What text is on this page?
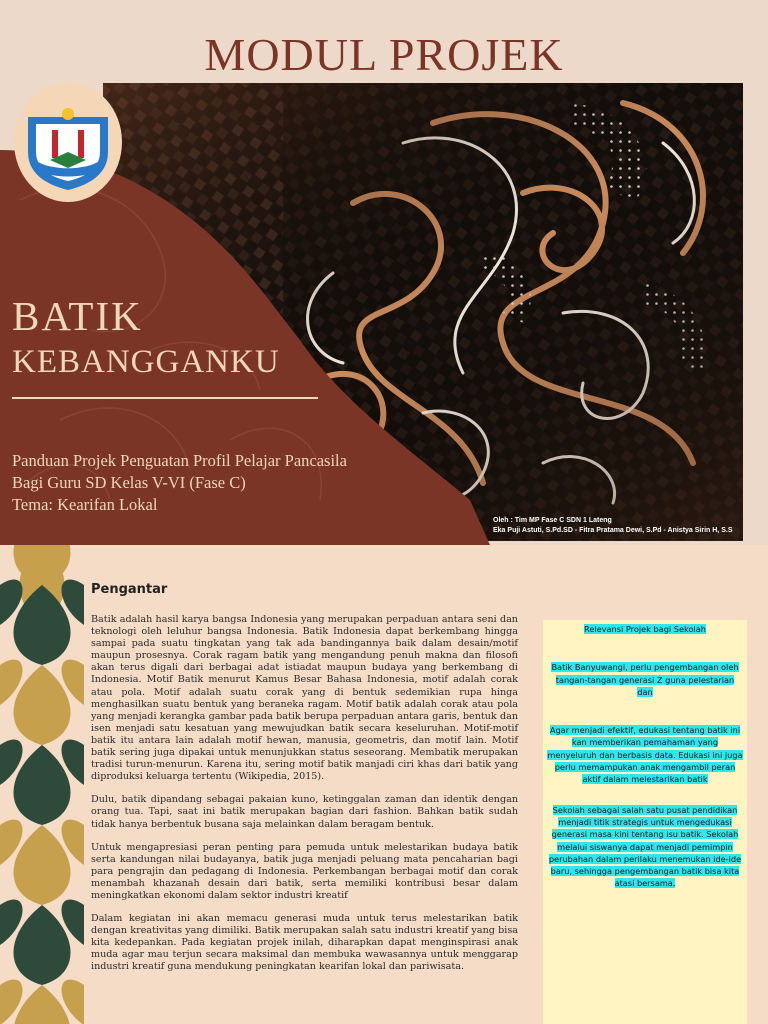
MODUL PROJEK
BATIK
KEBANGGANKU
Panduan Projek Penguatan Profil Pelajar Pancasila
Bagi Guru SD Kelas V-VI (Fase C)
Tema: Kearifan Lokal
Oleh : Tim MP Fase C SDN 1 Lateng
Eka Puji Astuti, S.Pd.SD - Fitra Pratama Dewi, S.Pd - Anistya Sirin H, S.S
Pengantar

Batik adalah hasil karya bangsa Indonesia yang merupakan perpaduan antara seni dan teknologi oleh leluhur bangsa Indonesia. Batik Indonesia dapat berkembang hingga sampai pada suatu tingkatan yang tak ada bandingannya baik dalam desain/motif maupun prosesnya. Corak ragam batik yang mengandung penuh makna dan filosofi akan terus digali dari berbagai adat istiadat maupun budaya yang berkembang di Indonesia. Motif Batik menurut Kamus Besar Bahasa Indonesia, motif adalah corak atau pola. Motif adalah suatu corak yang di bentuk sedemikian rupa hinga menghasilkan suatu bentuk yang beraneka ragam. Motif batik adalah corak atau pola yang menjadi kerangka gambar pada batik berupa perpaduan antara garis, bentuk dan isen menjadi satu kesatuan yang mewujudkan batik secara keseluruhan. Motif-motif batik itu antara lain adalah motif hewan, manusia, geometris, dan motif lain. Motif batik sering juga dipakai untuk menunjukkan status seseorang. Membatik merupakan tradisi turun-menurun. Karena itu, sering motif batik manjadi ciri khas dari batik yang diproduksi keluarga tertentu (Wikipedia, 2015).

Dulu, batik dipandang sebagai pakaian kuno, ketinggalan zaman dan identik dengan orang tua. Tapi, saat ini batik merupakan bagian dari fashion. Bahkan batik sudah tidak hanya berbentuk busana saja melainkan dalam beragam bentuk.

Untuk mengapresiasi peran penting para pemuda untuk melestarikan budaya batik serta kandungan nilai budayanya, batik juga menjadi peluang mata pencaharian bagi para pengrajin dan pedagang di Indonesia. Perkembangan berbagai motif dan corak menambah khazanah desain dari batik, serta memiliki kontribusi besar dalam meningkatkan ekonomi dalam sektor industri kreatif

Dalam kegiatan ini akan memacu generasi muda untuk terus melestarikan batik dengan kreativitas yang dimiliki. Batik merupakan salah satu industri kreatif yang bisa kita kedepankan. Pada kegiatan projek inilah, diharapkan dapat menginspirasi anak muda agar mau terjun secara maksimal dan membuka wawasannya untuk menggarap industri kreatif guna mendukung peningkatan kearifan lokal dan pariwisata.

Relevansi Projek bagi Sekolah

Batik Banyuwangi, perlu pengembangan oleh tangan-tangan generasi Z guna pelestarian dan

Agar menjadi efektif, edukasi tentang batik ini kan memberikan pemahaman yang menyeluruh dan berbasis data. Edukasi ini juga perlu memampukan anak mengambil peran aktif dalam melestarikan batik

Sekolah sebagai salah satu pusat pendidikan menjadi titik strategis untuk mengedukasi generasi masa kini tentang isu batik. Sekolah melalui siswanya dapat menjadi pemimpin perubahan dalam perilaku menemukan ide-ide baru, sehingga pengembangan batik bisa kita atasi bersama.
